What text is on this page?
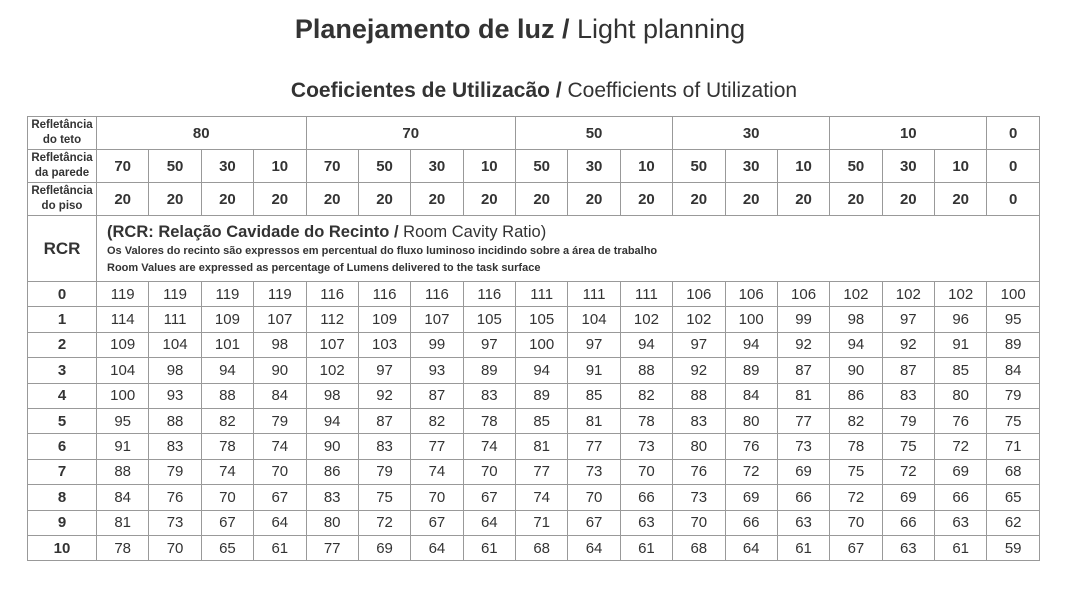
Planejamento de luz / Light planning
Coeficientes de Utilizacão / Coefficients of Utilization
Refletância
do teto	80				70				50			30			10			0
Refletância
da parede	70	50	30	10	70	50	30	10	50	30	10	50	30	10	50	30	10	0
Refletância
do piso	20	20	20	20	20	20	20	20	20	20	20	20	20	20	20	20	20	0
RCR	(RCR: Relação Cavidade do Recinto / Room Cavity Ratio)
Os Valores do recinto são expressos em percentual do fluxo luminoso incidindo sobre a área de trabalho
Room Values are expressed as percentage of Lumens delivered to the task surface																	

0	119	119	119	119	116	116	116	116	111	111	111	106	106	106	102	102	102	100
1	114	111	109	107	112	109	107	105	105	104	102	102	100	99	98	97	96	95
2	109	104	101	98	107	103	99	97	100	97	94	97	94	92	94	92	91	89
3	104	98	94	90	102	97	93	89	94	91	88	92	89	87	90	87	85	84
4	100	93	88	84	98	92	87	83	89	85	82	88	84	81	86	83	80	79
5	95	88	82	79	94	87	82	78	85	81	78	83	80	77	82	79	76	75
6	91	83	78	74	90	83	77	74	81	77	73	80	76	73	78	75	72	71
7	88	79	74	70	86	79	74	70	77	73	70	76	72	69	75	72	69	68
8	84	76	70	67	83	75	70	67	74	70	66	73	69	66	72	69	66	65
9	81	73	67	64	80	72	67	64	71	67	63	70	66	63	70	66	63	62
10	78	70	65	61	77	69	64	61	68	64	61	68	64	61	67	63	61	59
